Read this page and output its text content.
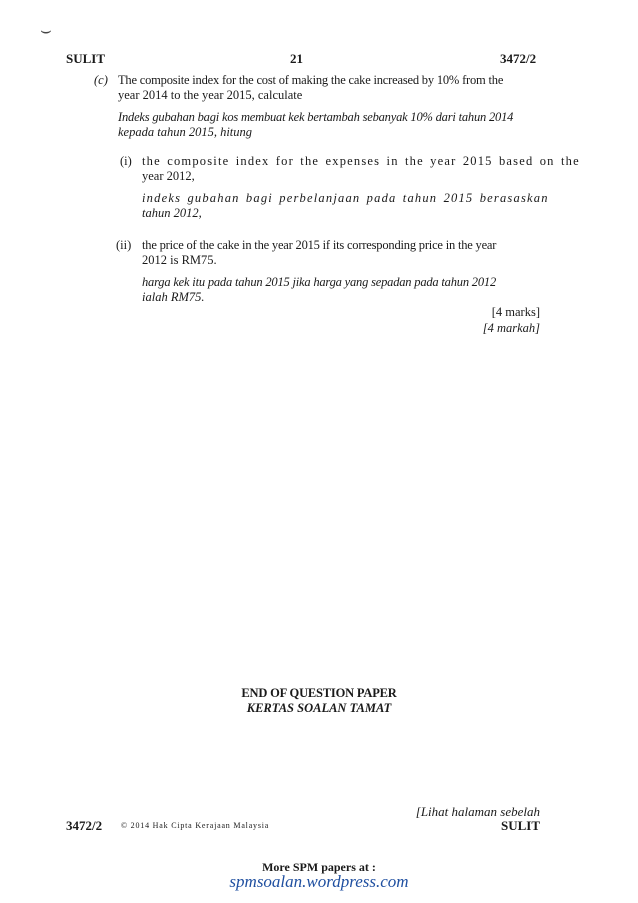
⌣
SULIT	21	3472/2
(c) The composite index for the cost of making the cake increased by 10% from the
year 2014 to the year 2015, calculate
Indeks gubahan bagi kos membuat kek bertambah sebanyak 10% dari tahun 2014
kepada tahun 2015, hitung
(i) the composite index for the expenses in the year 2015 based on the
year 2012,
indeks gubahan bagi perbelanjaan pada tahun 2015 berasaskan
tahun 2012,
(ii) the price of the cake in the year 2015 if its corresponding price in the year
2012 is RM75.
harga kek itu pada tahun 2015 jika harga yang sepadan pada tahun 2012
ialah RM75.
[4 marks]
[4 markah]
END OF QUESTION PAPER
KERTAS SOALAN TAMAT
[Lihat halaman sebelah
3472/2 © 2014 Hak Cipta Kerajaan Malaysia	SULIT
More SPM papers at :
spmsoalan.wordpress.com
